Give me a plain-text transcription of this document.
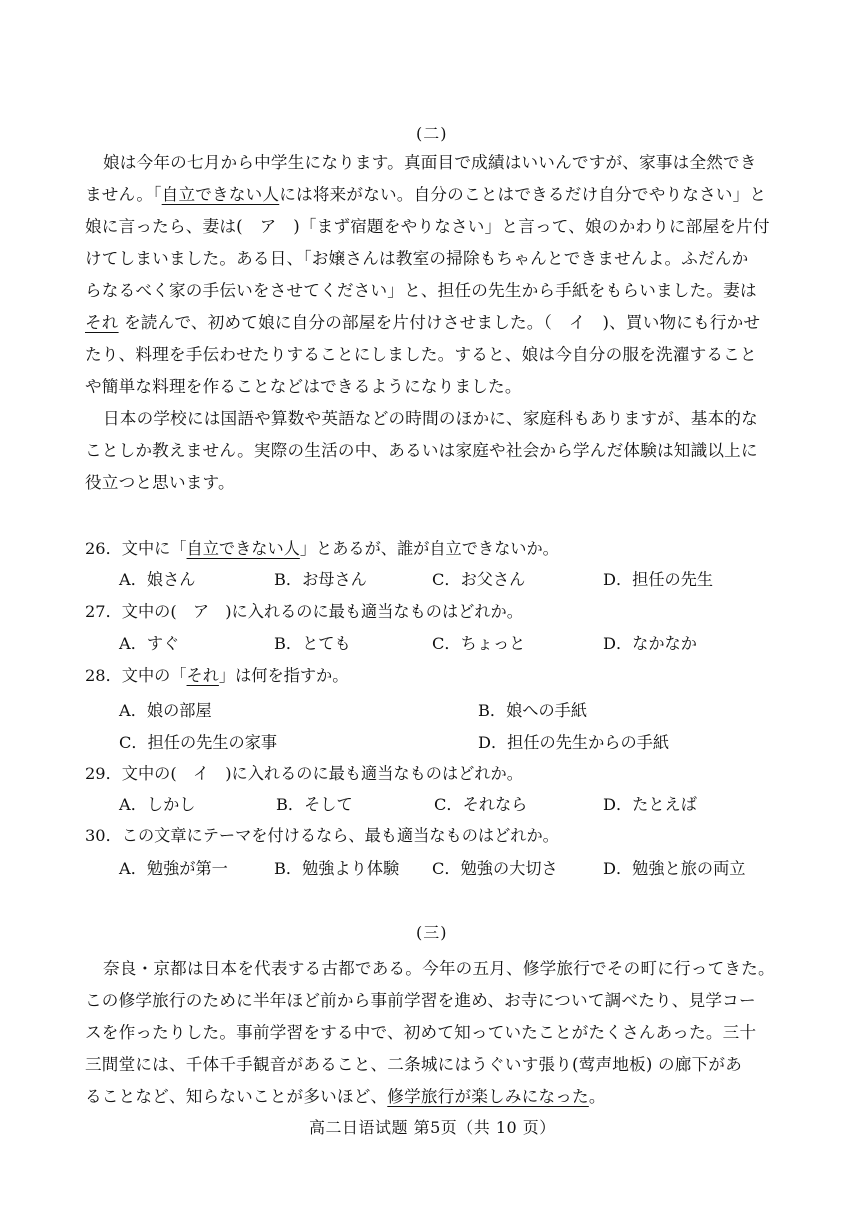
(二)
娘は今年の七月から中学生になります。真面目で成績はいいんですが、家事は全然でき
ません。「自立できない人には将来がない。自分のことはできるだけ自分でやりなさい」と
娘に言ったら、妻は(　ア　)「まず宿題をやりなさい」と言って、娘のかわりに部屋を片付
けてしまいました。ある日、「お嬢さんは教室の掃除もちゃんとできませんよ。ふだんか
らなるべく家の手伝いをさせてください」と、担任の先生から手紙をもらいました。妻は
それ を読んで、初めて娘に自分の部屋を片付けさせました。（　イ　)、買い物にも行かせ
たり、料理を手伝わせたりすることにしました。すると、娘は今自分の服を洗濯すること
や簡単な料理を作ることなどはできるようになりました。
日本の学校には国語や算数や英語などの時間のほかに、家庭科もありますが、基本的な
ことしか教えません。実際の生活の中、あるいは家庭や社会から学んだ体験は知識以上に
役立つと思います。
26．文中に「自立できない人」とあるが、誰が自立できないか。
A．娘さん	B．お母さん	C．お父さん	D．担任の先生
27．文中の(　ア　)に入れるのに最も適当なものはどれか。
A．すぐ	B．とても	C．ちょっと	D．なかなか
28．文中の「それ」は何を指すか。
A．娘の部屋	B．娘への手紙
C．担任の先生の家事	D．担任の先生からの手紙
29．文中の(　イ　)に入れるのに最も適当なものはどれか。
A．しかし	B．そして	C．それなら	D．たとえば
30．この文章にテーマを付けるなら、最も適当なものはどれか。
A．勉強が第一	B．勉強より体験 C．勉強の大切さ	D．勉強と旅の両立
(三)
奈良・京都は日本を代表する古都である。今年の五月、修学旅行でその町に行ってきた。
この修学旅行のために半年ほど前から事前学習を進め、お寺について調べたり、見学コー
スを作ったりした。事前学習をする中で、初めて知っていたことがたくさんあった。三十
三間堂には、千体千手観音があること、二条城にはうぐいす張り(莺声地板) の廊下があ
ることなど、知らないことが多いほど、修学旅行が楽しみになった。
高二日语试题 第5页（共 10 页）
